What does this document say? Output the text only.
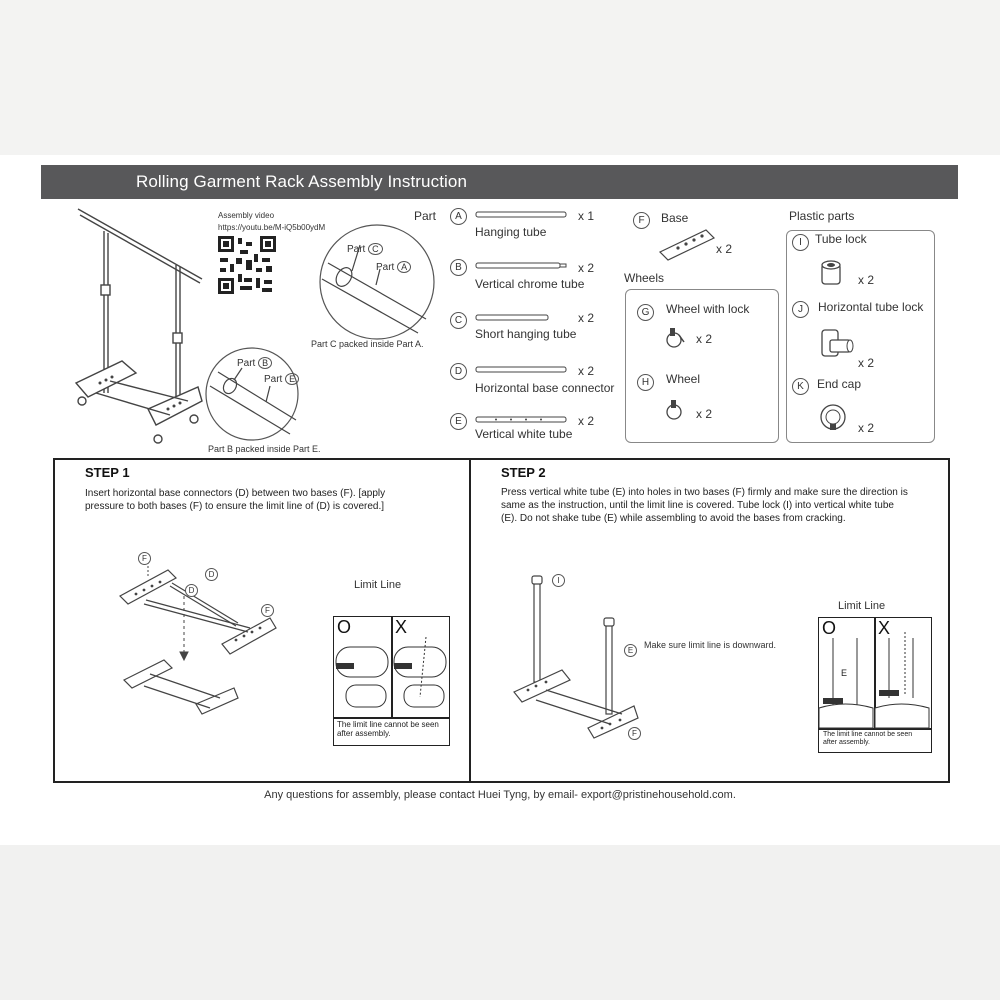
Rolling Garment Rack Assembly Instruction
Assembly video
https://youtu.be/M-iQ5b00ydM
Part C
Part A
Part C packed inside Part A.
Part B
Part E
Part B packed inside Part E.
Part	A
Hanging tube
x 1
B
Vertical chrome tube
x 2
C
Short hanging tube
x 2
D
Horizontal base connector
x 2
E
Vertical white tube
x 2
F	Base
x 2
Wheels
G	Wheel with lock
x 2
H	Wheel
x 2
Plastic parts
I	Tube lock
x 2
J	Horizontal tube lock
x 2
K	End cap
x 2
STEP 1
Insert horizontal base connectors (D) between two bases (F). [apply pressure to both bases (F) to ensure the limit line of (D) is covered.]
F
D
D
F
Limit Line
O X
The limit line cannot be seen after assembly.
STEP 2
Press vertical white tube (E) into holes in two bases (F) firmly and make sure the direction is same as the instruction, until the limit line is covered. Tube lock (I) into vertical white tube (E). Do not shake tube (E) while assembling to avoid the bases from cracking.
I
E
F
Make sure limit line is downward.
Limit Line
O X
E
The limit line cannot be seen after assembly.
Any questions for assembly, please contact Huei Tyng, by email- export@pristinehousehold.com.
